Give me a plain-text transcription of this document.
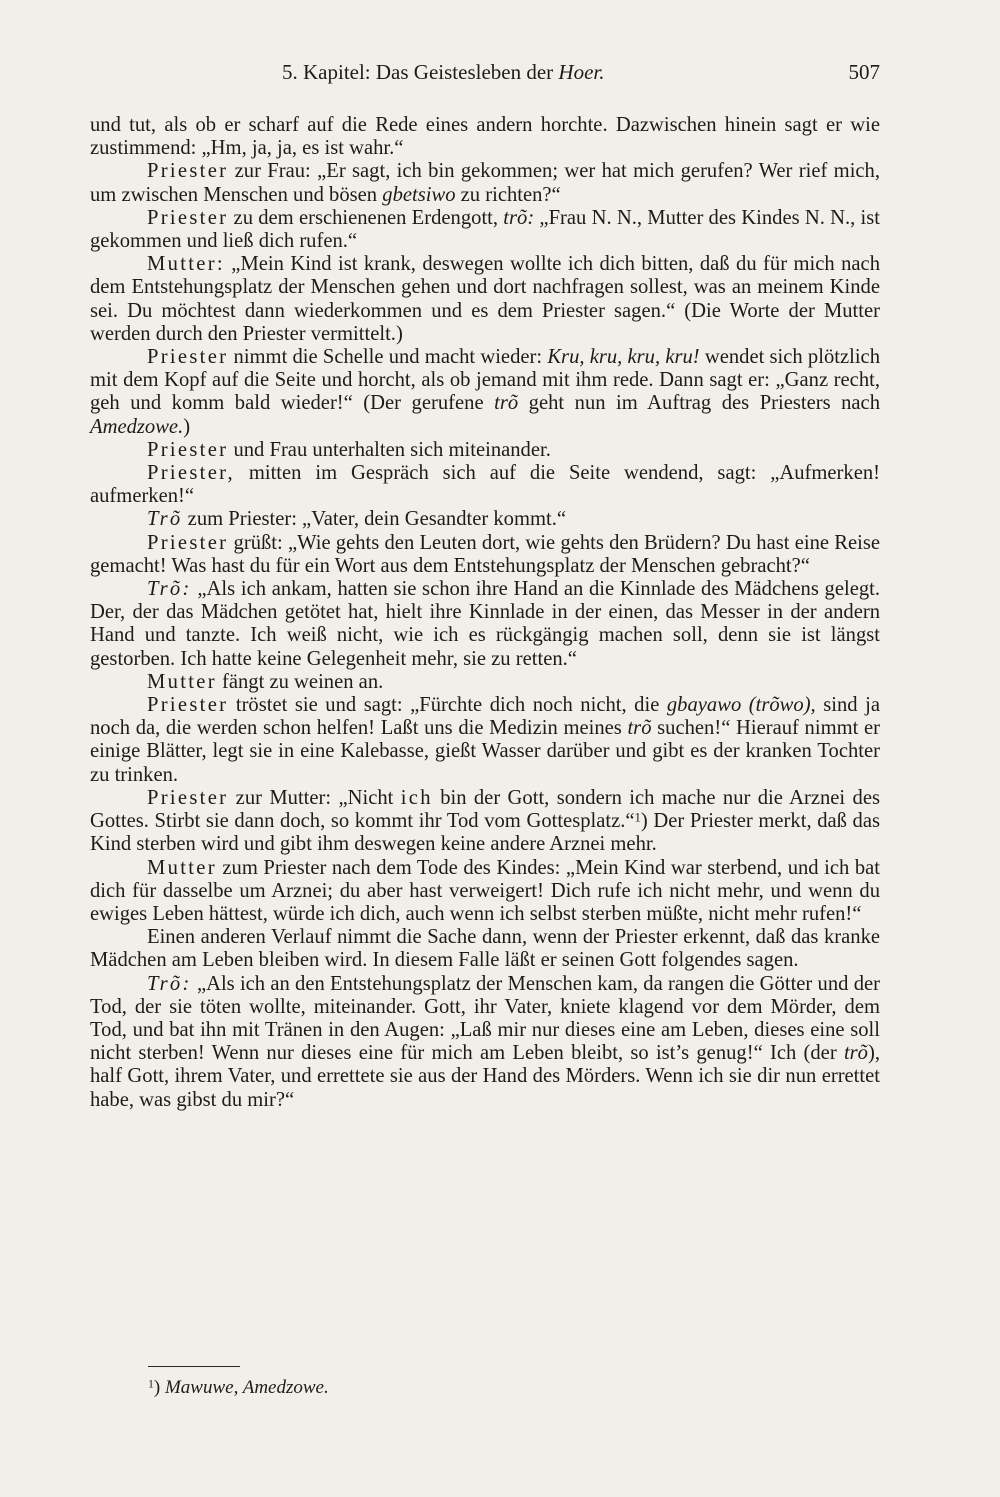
5. Kapitel: Das Geistesleben der Hoer.	507

und tut, als ob er scharf auf die Rede eines andern horchte. Dazwischen hinein sagt er wie zustimmend: „Hm, ja, ja, es ist wahr.“

Priester zur Frau: „Er sagt, ich bin gekommen; wer hat mich gerufen? Wer rief mich, um zwischen Menschen und bösen gbetsiwo zu richten?“

Priester zu dem erschienenen Erdengott, trõ: „Frau N. N., Mutter des Kindes N. N., ist gekommen und ließ dich rufen.“

Mutter: „Mein Kind ist krank, deswegen wollte ich dich bitten, daß du für mich nach dem Entstehungsplatz der Menschen gehen und dort nachfragen sollest, was an meinem Kinde sei. Du möchtest dann wiederkommen und es dem Priester sagen.“ (Die Worte der Mutter werden durch den Priester vermittelt.)

Priester nimmt die Schelle und macht wieder: Kru, kru, kru, kru! wendet sich plötzlich mit dem Kopf auf die Seite und horcht, als ob jemand mit ihm rede. Dann sagt er: „Ganz recht, geh und komm bald wieder!“ (Der gerufene trõ geht nun im Auftrag des Priesters nach Amedzowe.)

Priester und Frau unterhalten sich miteinander.

Priester, mitten im Gespräch sich auf die Seite wendend, sagt: „Aufmerken! aufmerken!“

Trõ zum Priester: „Vater, dein Gesandter kommt.“

Priester grüßt: „Wie gehts den Leuten dort, wie gehts den Brüdern? Du hast eine Reise gemacht! Was hast du für ein Wort aus dem Entstehungsplatz der Menschen gebracht?“

Trõ: „Als ich ankam, hatten sie schon ihre Hand an die Kinnlade des Mädchens gelegt. Der, der das Mädchen getötet hat, hielt ihre Kinnlade in der einen, das Messer in der andern Hand und tanzte. Ich weiß nicht, wie ich es rückgängig machen soll, denn sie ist längst gestorben. Ich hatte keine Gelegenheit mehr, sie zu retten.“

Mutter fängt zu weinen an.

Priester tröstet sie und sagt: „Fürchte dich noch nicht, die gbayawo (trõwo), sind ja noch da, die werden schon helfen! Laßt uns die Medizin meines trõ suchen!“ Hierauf nimmt er einige Blätter, legt sie in eine Kalebasse, gießt Wasser darüber und gibt es der kranken Tochter zu trinken.

Priester zur Mutter: „Nicht ich bin der Gott, sondern ich mache nur die Arznei des Gottes. Stirbt sie dann doch, so kommt ihr Tod vom Gottesplatz.“$^1$) Der Priester merkt, daß das Kind sterben wird und gibt ihm deswegen keine andere Arznei mehr.

Mutter zum Priester nach dem Tode des Kindes: „Mein Kind war sterbend, und ich bat dich für dasselbe um Arznei; du aber hast verweigert! Dich rufe ich nicht mehr, und wenn du ewiges Leben hättest, würde ich dich, auch wenn ich selbst sterben müßte, nicht mehr rufen!“

Einen anderen Verlauf nimmt die Sache dann, wenn der Priester erkennt, daß das kranke Mädchen am Leben bleiben wird. In diesem Falle läßt er seinen Gott folgendes sagen.

Trõ: „Als ich an den Entstehungsplatz der Menschen kam, da rangen die Götter und der Tod, der sie töten wollte, miteinander. Gott, ihr Vater, kniete klagend vor dem Mörder, dem Tod, und bat ihn mit Tränen in den Augen: „Laß mir nur dieses eine am Leben, dieses eine soll nicht sterben! Wenn nur dieses eine für mich am Leben bleibt, so ist’s genug!“ Ich (der trõ), half Gott, ihrem Vater, und errettete sie aus der Hand des Mörders. Wenn ich sie dir nun errettet habe, was gibst du mir?“

$^1$) Mawuwe, Amedzowe.
